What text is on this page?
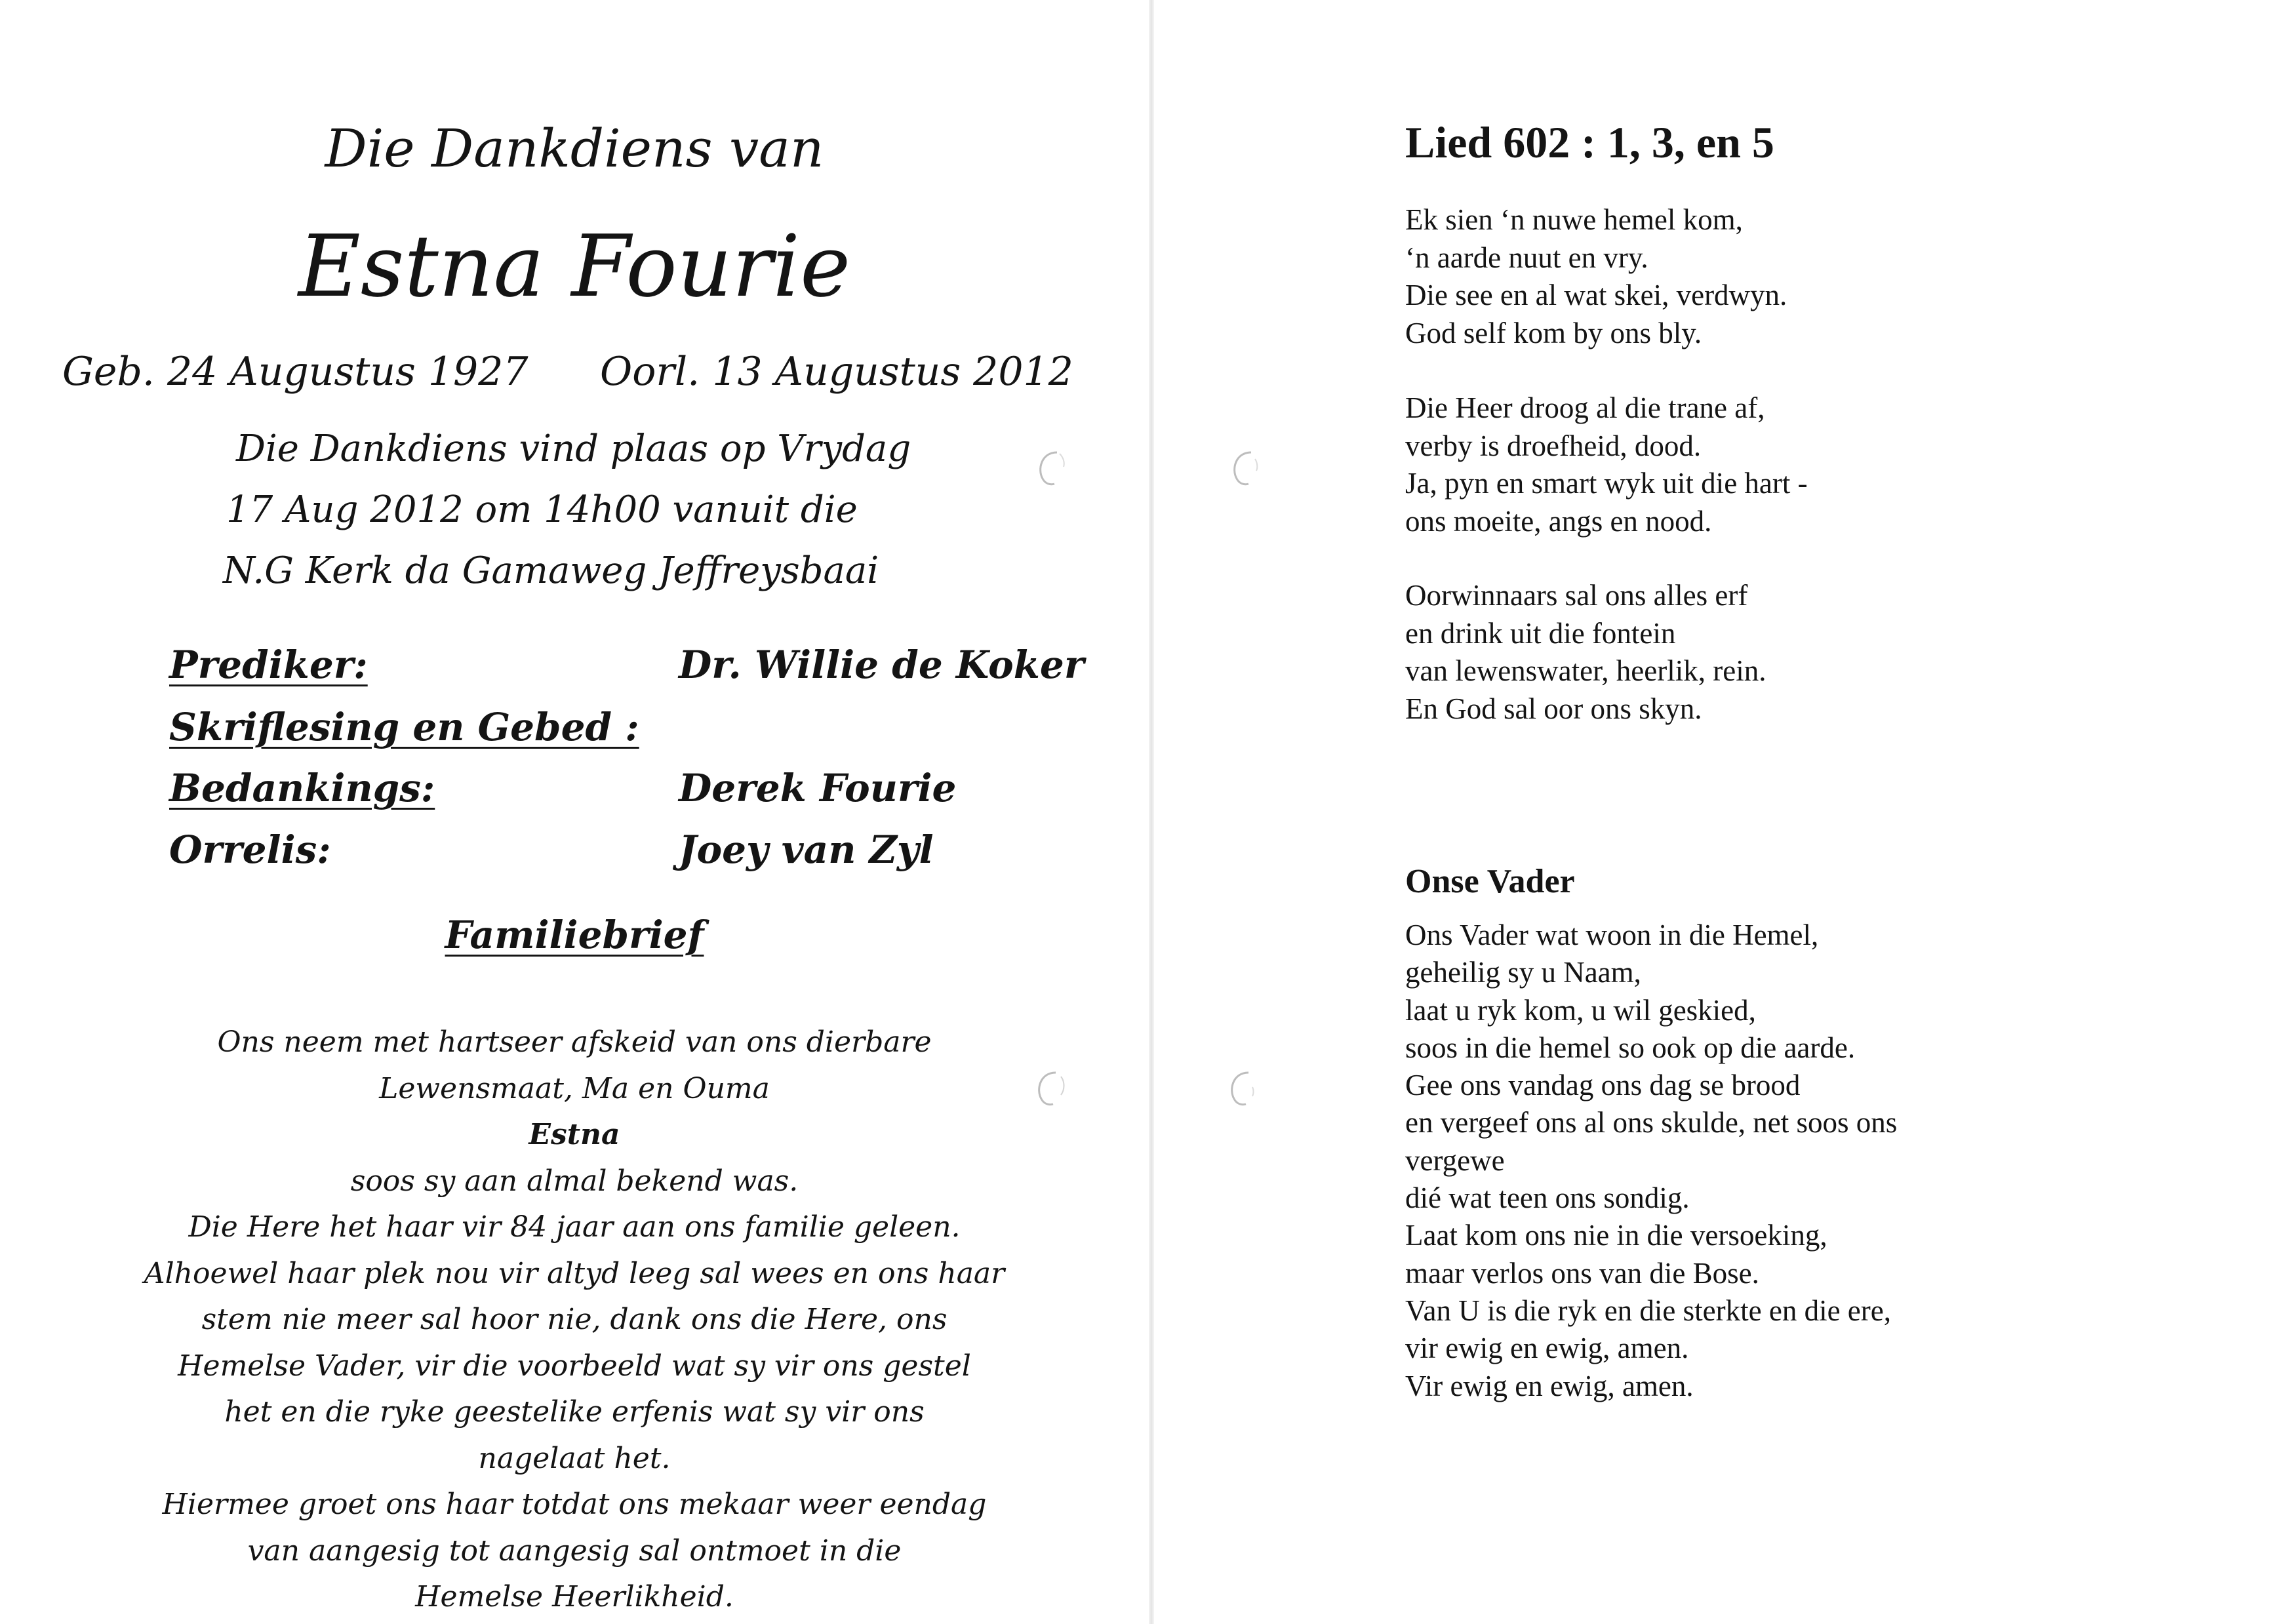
Die Dankdiens van
Estna Fourie
Geb. 24 Augustus 1927 Oorl. 13 Augustus 2012
Die Dankdiens vind plaas op Vrydag
17 Aug 2012 om 14h00 vanuit die
N.G Kerk da Gamaweg Jeffreysbaai
Prediker:	Dr. Willie de Koker
Skriflesing en Gebed :
Bedankings:	Derek Fourie
Orrelis:	Joey van Zyl
Familiebrief
Ons neem met hartseer afskeid van ons dierbare
Lewensmaat, Ma en Ouma
Estna
soos sy aan almal bekend was.
Die Here het haar vir 84 jaar aan ons familie geleen.
Alhoewel haar plek nou vir altyd leeg sal wees en ons haar
stem nie meer sal hoor nie, dank ons die Here, ons
Hemelse Vader, vir die voorbeeld wat sy vir ons gestel
het en die ryke geestelike erfenis wat sy vir ons
nagelaat het.
Hiermee groet ons haar totdat ons mekaar weer eendag
van aangesig tot aangesig sal ontmoet in die
Hemelse Heerlikheid.
Lied 602 : 1, 3, en 5
Ek sien ‘n nuwe hemel kom,
‘n aarde nuut en vry.
Die see en al wat skei, verdwyn.
God self kom by ons bly.
Die Heer droog al die trane af,
verby is droefheid, dood.
Ja, pyn en smart wyk uit die hart -
ons moeite, angs en nood.
Oorwinnaars sal ons alles erf
en drink uit die fontein
van lewenswater, heerlik, rein.
En God sal oor ons skyn.
Onse Vader
Ons Vader wat woon in die Hemel,
geheilig sy u Naam,
laat u ryk kom, u wil geskied,
soos in die hemel so ook op die aarde.
Gee ons vandag ons dag se brood
en vergeef ons al ons skulde, net soos ons
vergewe
dié wat teen ons sondig.
Laat kom ons nie in die versoeking,
maar verlos ons van die Bose.
Van U is die ryk en die sterkte en die ere,
vir ewig en ewig, amen.
Vir ewig en ewig, amen.
